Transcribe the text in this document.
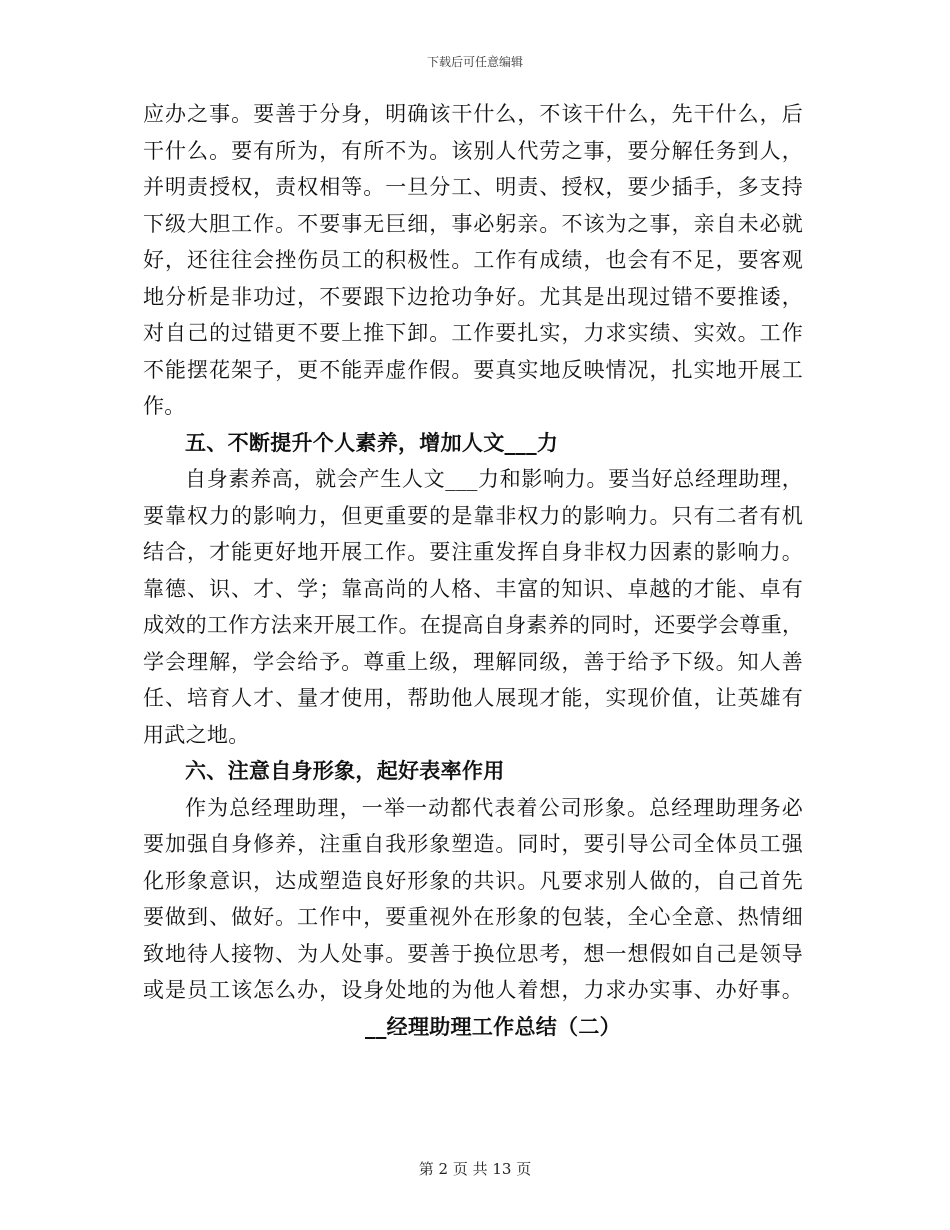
下载后可任意编辑
应办之事。要善于分身，明确该干什么，不该干什么，先干什么，后
干什么。要有所为，有所不为。该别人代劳之事，要分解任务到人，
并明责授权，责权相等。一旦分工、明责、授权，要少插手，多支持
下级大胆工作。不要事无巨细，事必躬亲。不该为之事，亲自未必就
好，还往往会挫伤员工的积极性。工作有成绩，也会有不足，要客观
地分析是非功过，不要跟下边抢功争好。尤其是出现过错不要推诿，
对自己的过错更不要上推下卸。工作要扎实，力求实绩、实效。工作
不能摆花架子，更不能弄虚作假。要真实地反映情况，扎实地开展工
作。
五、不断提升个人素养，增加人文___力
自身素养高，就会产生人文___力和影响力。要当好总经理助理，
要靠权力的影响力，但更重要的是靠非权力的影响力。只有二者有机
结合，才能更好地开展工作。要注重发挥自身非权力因素的影响力。
靠德、识、才、学；靠高尚的人格、丰富的知识、卓越的才能、卓有
成效的工作方法来开展工作。在提高自身素养的同时，还要学会尊重，
学会理解，学会给予。尊重上级，理解同级，善于给予下级。知人善
任、培育人才、量才使用，帮助他人展现才能，实现价值，让英雄有
用武之地。
六、注意自身形象，起好表率作用
作为总经理助理，一举一动都代表着公司形象。总经理助理务必
要加强自身修养，注重自我形象塑造。同时，要引导公司全体员工强
化形象意识，达成塑造良好形象的共识。凡要求别人做的，自己首先
要做到、做好。工作中，要重视外在形象的包装，全心全意、热情细
致地待人接物、为人处事。要善于换位思考，想一想假如自己是领导
或是员工该怎么办，设身处地的为他人着想，力求办实事、办好事。
__经理助理工作总结（二）
第 2 页 共 13 页
